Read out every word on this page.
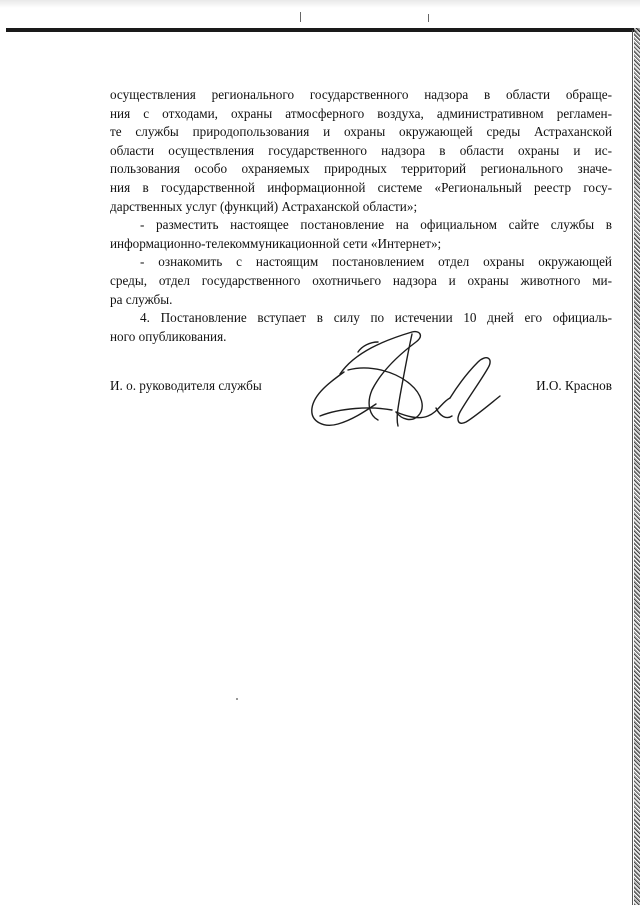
осуществления регионального государственного надзора в области обраще-
ния с отходами, охраны атмосферного воздуха, административном регламен-
те службы природопользования и охраны окружающей среды Астраханской
области осуществления государственного надзора в области охраны и ис-
пользования особо охраняемых природных территорий регионального значе-
ния в государственной информационной системе «Региональный реестр госу-
дарственных услуг (функций) Астраханской области»;

- разместить настоящее постановление на официальном сайте службы в
информационно-телекоммуникационной сети «Интернет»;

- ознакомить с настоящим постановлением отдел охраны окружающей
среды, отдел государственного охотничьего надзора и охраны животного ми-
ра службы.

4. Постановление вступает в силу по истечении 10 дней его официаль-
ного опубликования.

И. о. руководителя службы	И.О. Краснов
